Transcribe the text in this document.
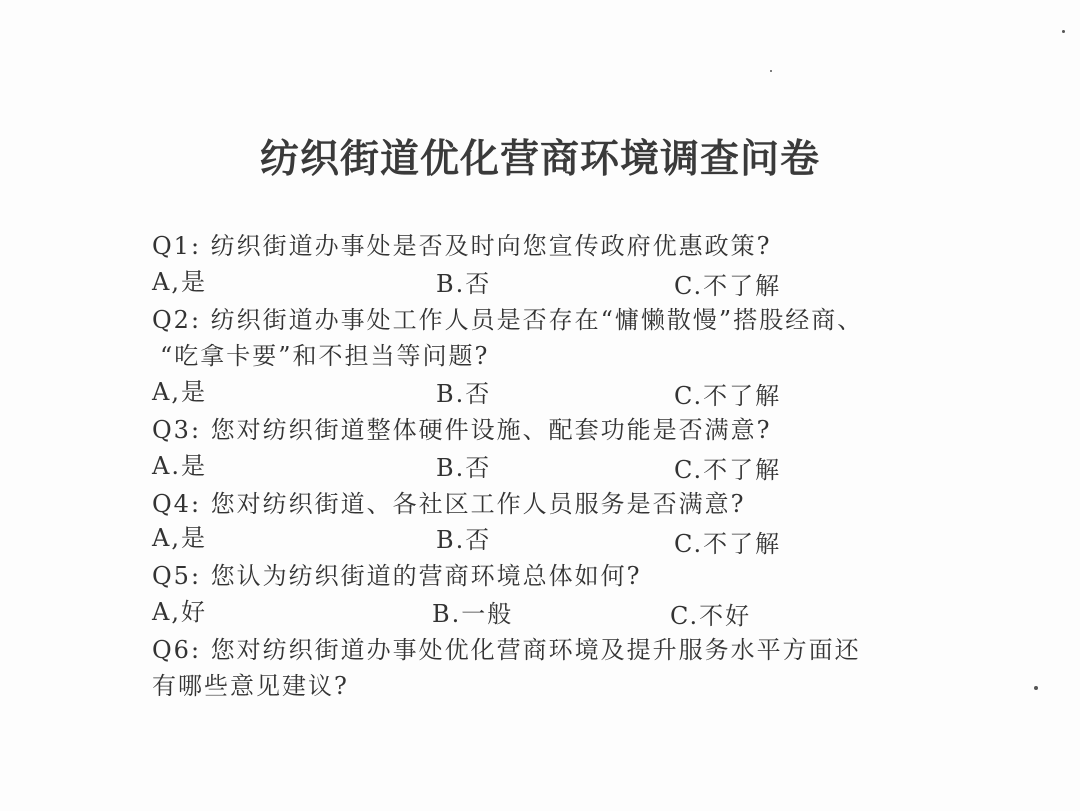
纺织街道优化营商环境调查问卷

Q1: 纺织街道办事处是否及时向您宣传政府优惠政策?

A,是	B.否	C.不了解

Q2: 纺织街道办事处工作人员是否存在“慵懒散慢”搭股经商、

“吃拿卡要”和不担当等问题?

A,是	B.否	C.不了解

Q3: 您对纺织街道整体硬件设施、配套功能是否满意?

A.是	B.否	C.不了解

Q4: 您对纺织街道、各社区工作人员服务是否满意?

A,是	B.否	C.不了解

Q5: 您认为纺织街道的营商环境总体如何?

A,好	B.一般	C.不好

Q6: 您对纺织街道办事处优化营商环境及提升服务水平方面还

有哪些意见建议?
